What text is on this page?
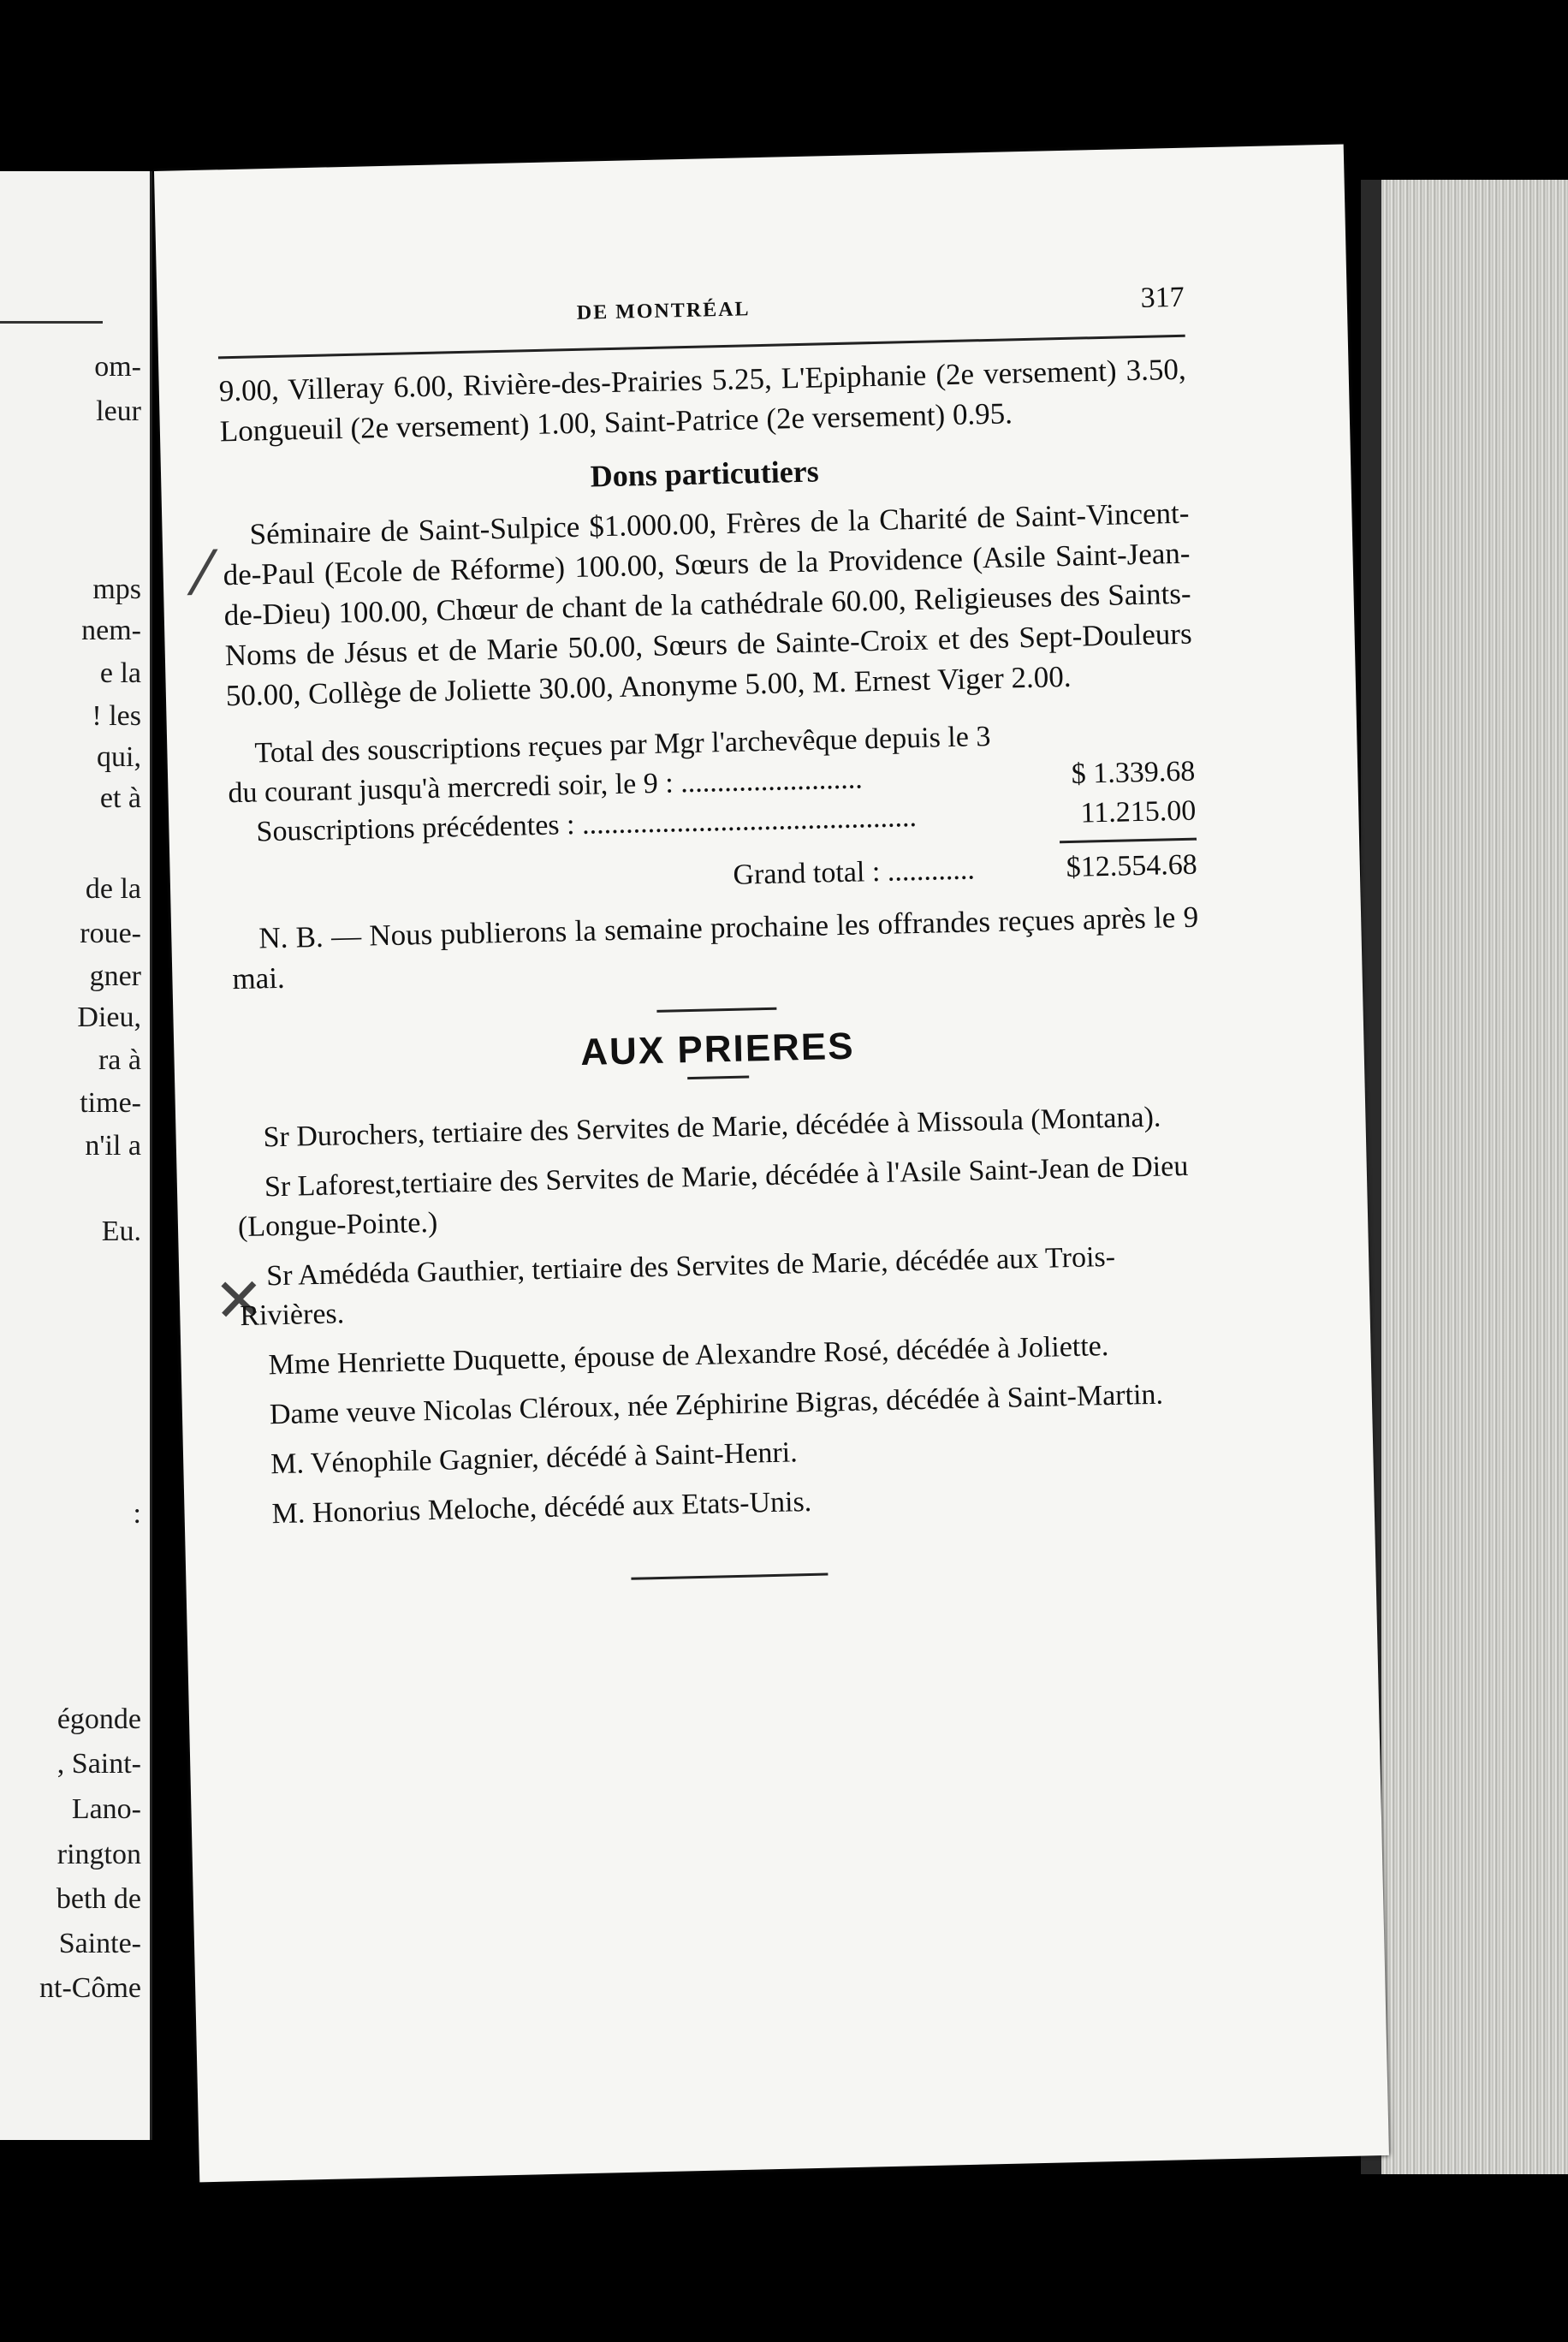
om-
leur
mps
nem-
e la
! les
qui,
et à
de la
roue-
gner
Dieu,
ra à
time-
n'il a
Eu.
:
égonde
, Saint-
Lano-
rington
beth de
Sainte-
nt-Côme
⁄
✕
DE MONTRÉAL	317

9.00, Villeray 6.00, Rivière-des-Prairies 5.25, L'Epiphanie (2e versement) 3.50, Longueuil (2e versement) 1.00, Saint-Patrice (2e versement) 0.95.

Dons particutiers

Séminaire de Saint-Sulpice $1.000.00, Frères de la Charité de Saint-Vincent-de-Paul (Ecole de Réforme) 100.00, Sœurs de la Providence (Asile Saint-Jean-de-Dieu) 100.00, Chœur de chant de la cathédrale 60.00, Religieuses des Saints-Noms de Jésus et de Marie 50.00, Sœurs de Sainte-Croix et des Sept-Douleurs 50.00, Collège de Joliette 30.00, Anonyme 5.00, M. Ernest Viger 2.00.

Total des souscriptions reçues par Mgr l'archevêque depuis le 3
du courant jusqu'à mercredi soir, le 9 : .........................	$ 1.339.68
Souscriptions précédentes : ..............................................	11.215.00
Grand total : ............	$12.554.68

N. B. — Nous publierons la semaine prochaine les offrandes reçues après le 9 mai.

AUX PRIERES

Sr Durochers, tertiaire des Servites de Marie, décédée à Missoula (Montana).

Sr Laforest,tertiaire des Servites de Marie, décédée à l'Asile Saint-Jean de Dieu (Longue-Pointe.)

Sr Amédéda Gauthier, tertiaire des Servites de Marie, décédée aux Trois-Rivières.

Mme Henriette Duquette, épouse de Alexandre Rosé, décédée à Joliette.

Dame veuve Nicolas Cléroux, née Zéphirine Bigras, décédée à Saint-Martin.

M. Vénophile Gagnier, décédé à Saint-Henri.

M. Honorius Meloche, décédé aux Etats-Unis.
